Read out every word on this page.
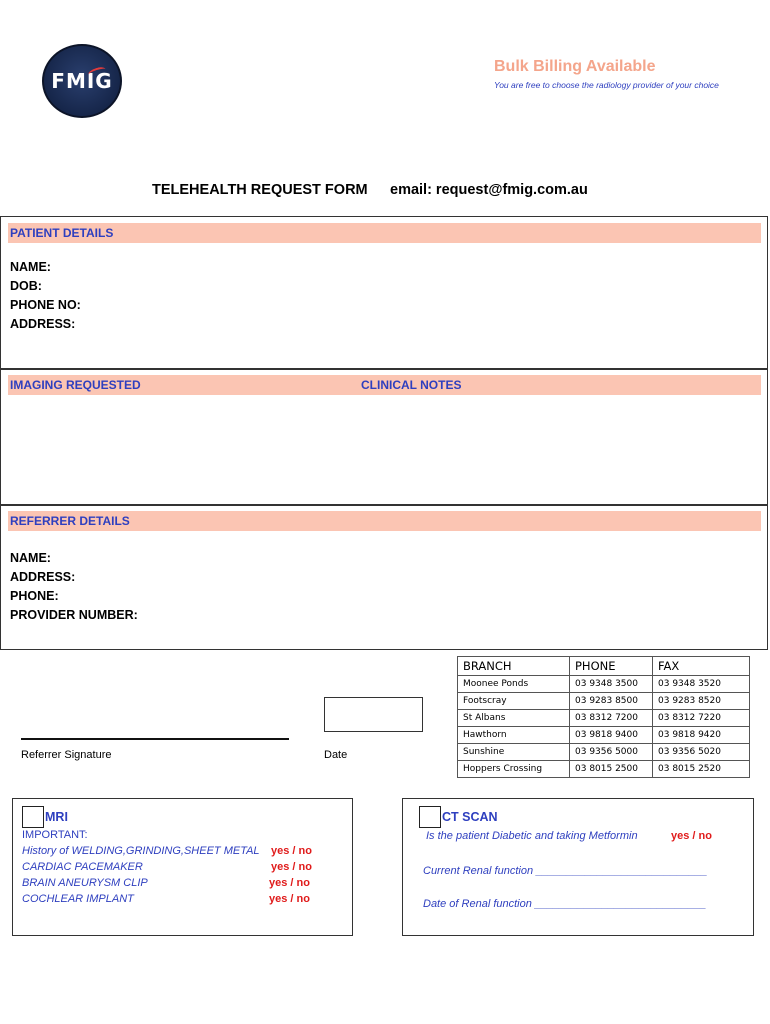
FMIG
Bulk Billing Available
You are free to choose the radiology provider of your choice
TELEHEALTH REQUEST FORM email: request@fmig.com.au
PATIENT DETAILS
NAME:
DOB:
PHONE NO:
ADDRESS:
IMAGING REQUESTED	CLINICAL NOTES
REFERRER DETAILS
NAME:
ADDRESS:
PHONE:
PROVIDER NUMBER:
BRANCH	PHONE	FAX
Moonee Ponds	03 9348 3500	03 9348 3520
Footscray	03 9283 8500	03 9283 8520
St Albans	03 8312 7200	03 8312 7220
Hawthorn	03 9818 9400	03 9818 9420
Sunshine	03 9356 5000	03 9356 5020
Hoppers Crossing	03 8015 2500	03 8015 2520
Referrer Signature	Date
MRI
IMPORTANT:
History of WELDING,GRINDING,SHEET METAL yes / no
CARDIAC PACEMAKER	yes / no
BRAIN ANEURYSM CLIP	yes / no
COCHLEAR IMPLANT	yes / no
CT SCAN
Is the patient Diabetic and taking Metformin	yes / no
Current Renal function ____________________________
Date of Renal function ____________________________
